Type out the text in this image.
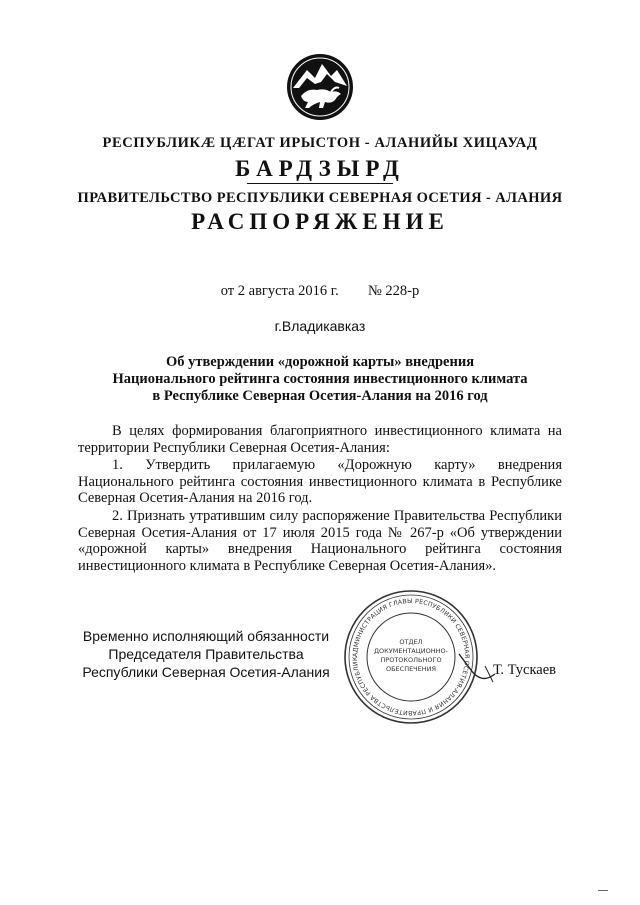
РЕСПУБЛИКӔ ЦӔГАТ ИРЫСТОН - АЛАНИЙЫ ХИЦАУАД
БАРДЗЫРД
ПРАВИТЕЛЬСТВО РЕСПУБЛИКИ СЕВЕРНАЯ ОСЕТИЯ - АЛАНИЯ
РАСПОРЯЖЕНИЕ
от 2 августа 2016 г. № 228-р
г.Владикавказ
Об утверждении «дорожной карты» внедрения
Национального рейтинга состояния инвестиционного климата
в Республике Северная Осетия-Алания на 2016 год
В целях формирования благоприятного инвестиционного климата на территории Республики Северная Осетия-Алания:
1. Утвердить прилагаемую «Дорожную карту» внедрения Национального рейтинга состояния инвестиционного климата в Республике Северная Осетия-Алания на 2016 год.
2. Признать утратившим силу распоряжение Правительства Республики Северная Осетия-Алания от 17 июля 2015 года № 267-р «Об утверждении «дорожной карты» внедрения Национального рейтинга состояния инвестиционного климата в Республике Северная Осетия-Алания».
Временно исполняющий обязанности
Председателя Правительства
Республики Северная Осетия-Алания
АДМИНИСТРАЦИЯ ГЛАВЫ РЕСПУБЛИКИ СЕВЕРНАЯ ОСЕТИЯ-АЛАНИЯ И ПРАВИТЕЛЬСТВА РЕСПУБЛИК
ОТДЕЛ
ДОКУМЕНТАЦИОННО-
ПРОТОКОЛЬНОГО
ОБЕСПЕЧЕНИЯ	Т. Тускаев
